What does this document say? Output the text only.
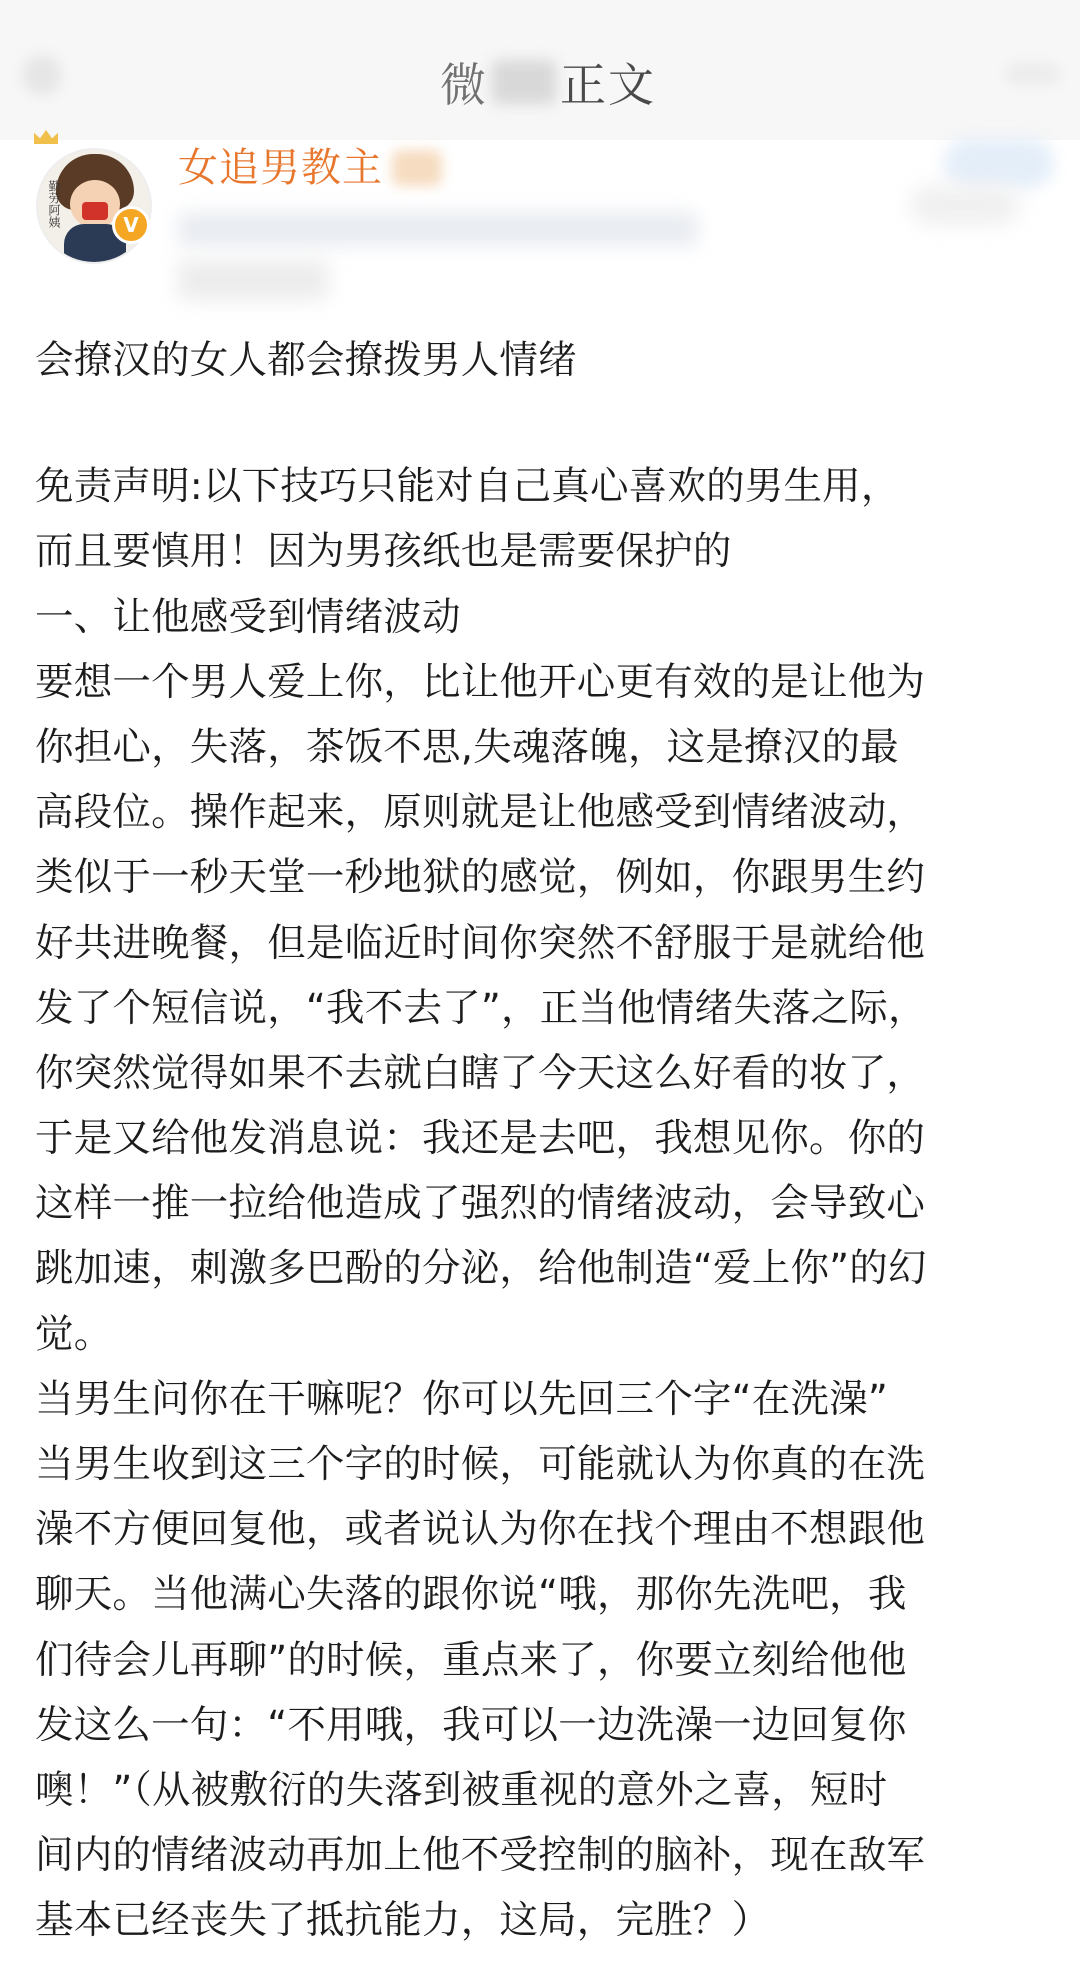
微 正文
勤劳阿姨	V
女追男教主
会撩汉的女人都会撩拨男人情绪
免责声明:以下技巧只能对自己真心喜欢的男生用，
而且要慎用！因为男孩纸也是需要保护的
一、让他感受到情绪波动
要想一个男人爱上你，比让他开心更有效的是让他为
你担心，失落，茶饭不思,失魂落魄，这是撩汉的最
高段位。操作起来，原则就是让他感受到情绪波动，
类似于一秒天堂一秒地狱的感觉，例如，你跟男生约
好共进晚餐，但是临近时间你突然不舒服于是就给他
发了个短信说，“我不去了”，正当他情绪失落之际，
你突然觉得如果不去就白瞎了今天这么好看的妆了，
于是又给他发消息说：我还是去吧，我想见你。你的
这样一推一拉给他造成了强烈的情绪波动，会导致心
跳加速，刺激多巴酚的分泌，给他制造“爱上你”的幻
觉。
当男生问你在干嘛呢？你可以先回三个字“在洗澡”
当男生收到这三个字的时候，可能就认为你真的在洗
澡不方便回复他，或者说认为你在找个理由不想跟他
聊天。当他满心失落的跟你说“哦，那你先洗吧，我
们待会儿再聊”的时候，重点来了，你要立刻给他他
发这么一句：“不用哦，我可以一边洗澡一边回复你
噢！”（从被敷衍的失落到被重视的意外之喜，短时
间内的情绪波动再加上他不受控制的脑补，现在敌军
基本已经丧失了抵抗能力，这局，完胜？）
